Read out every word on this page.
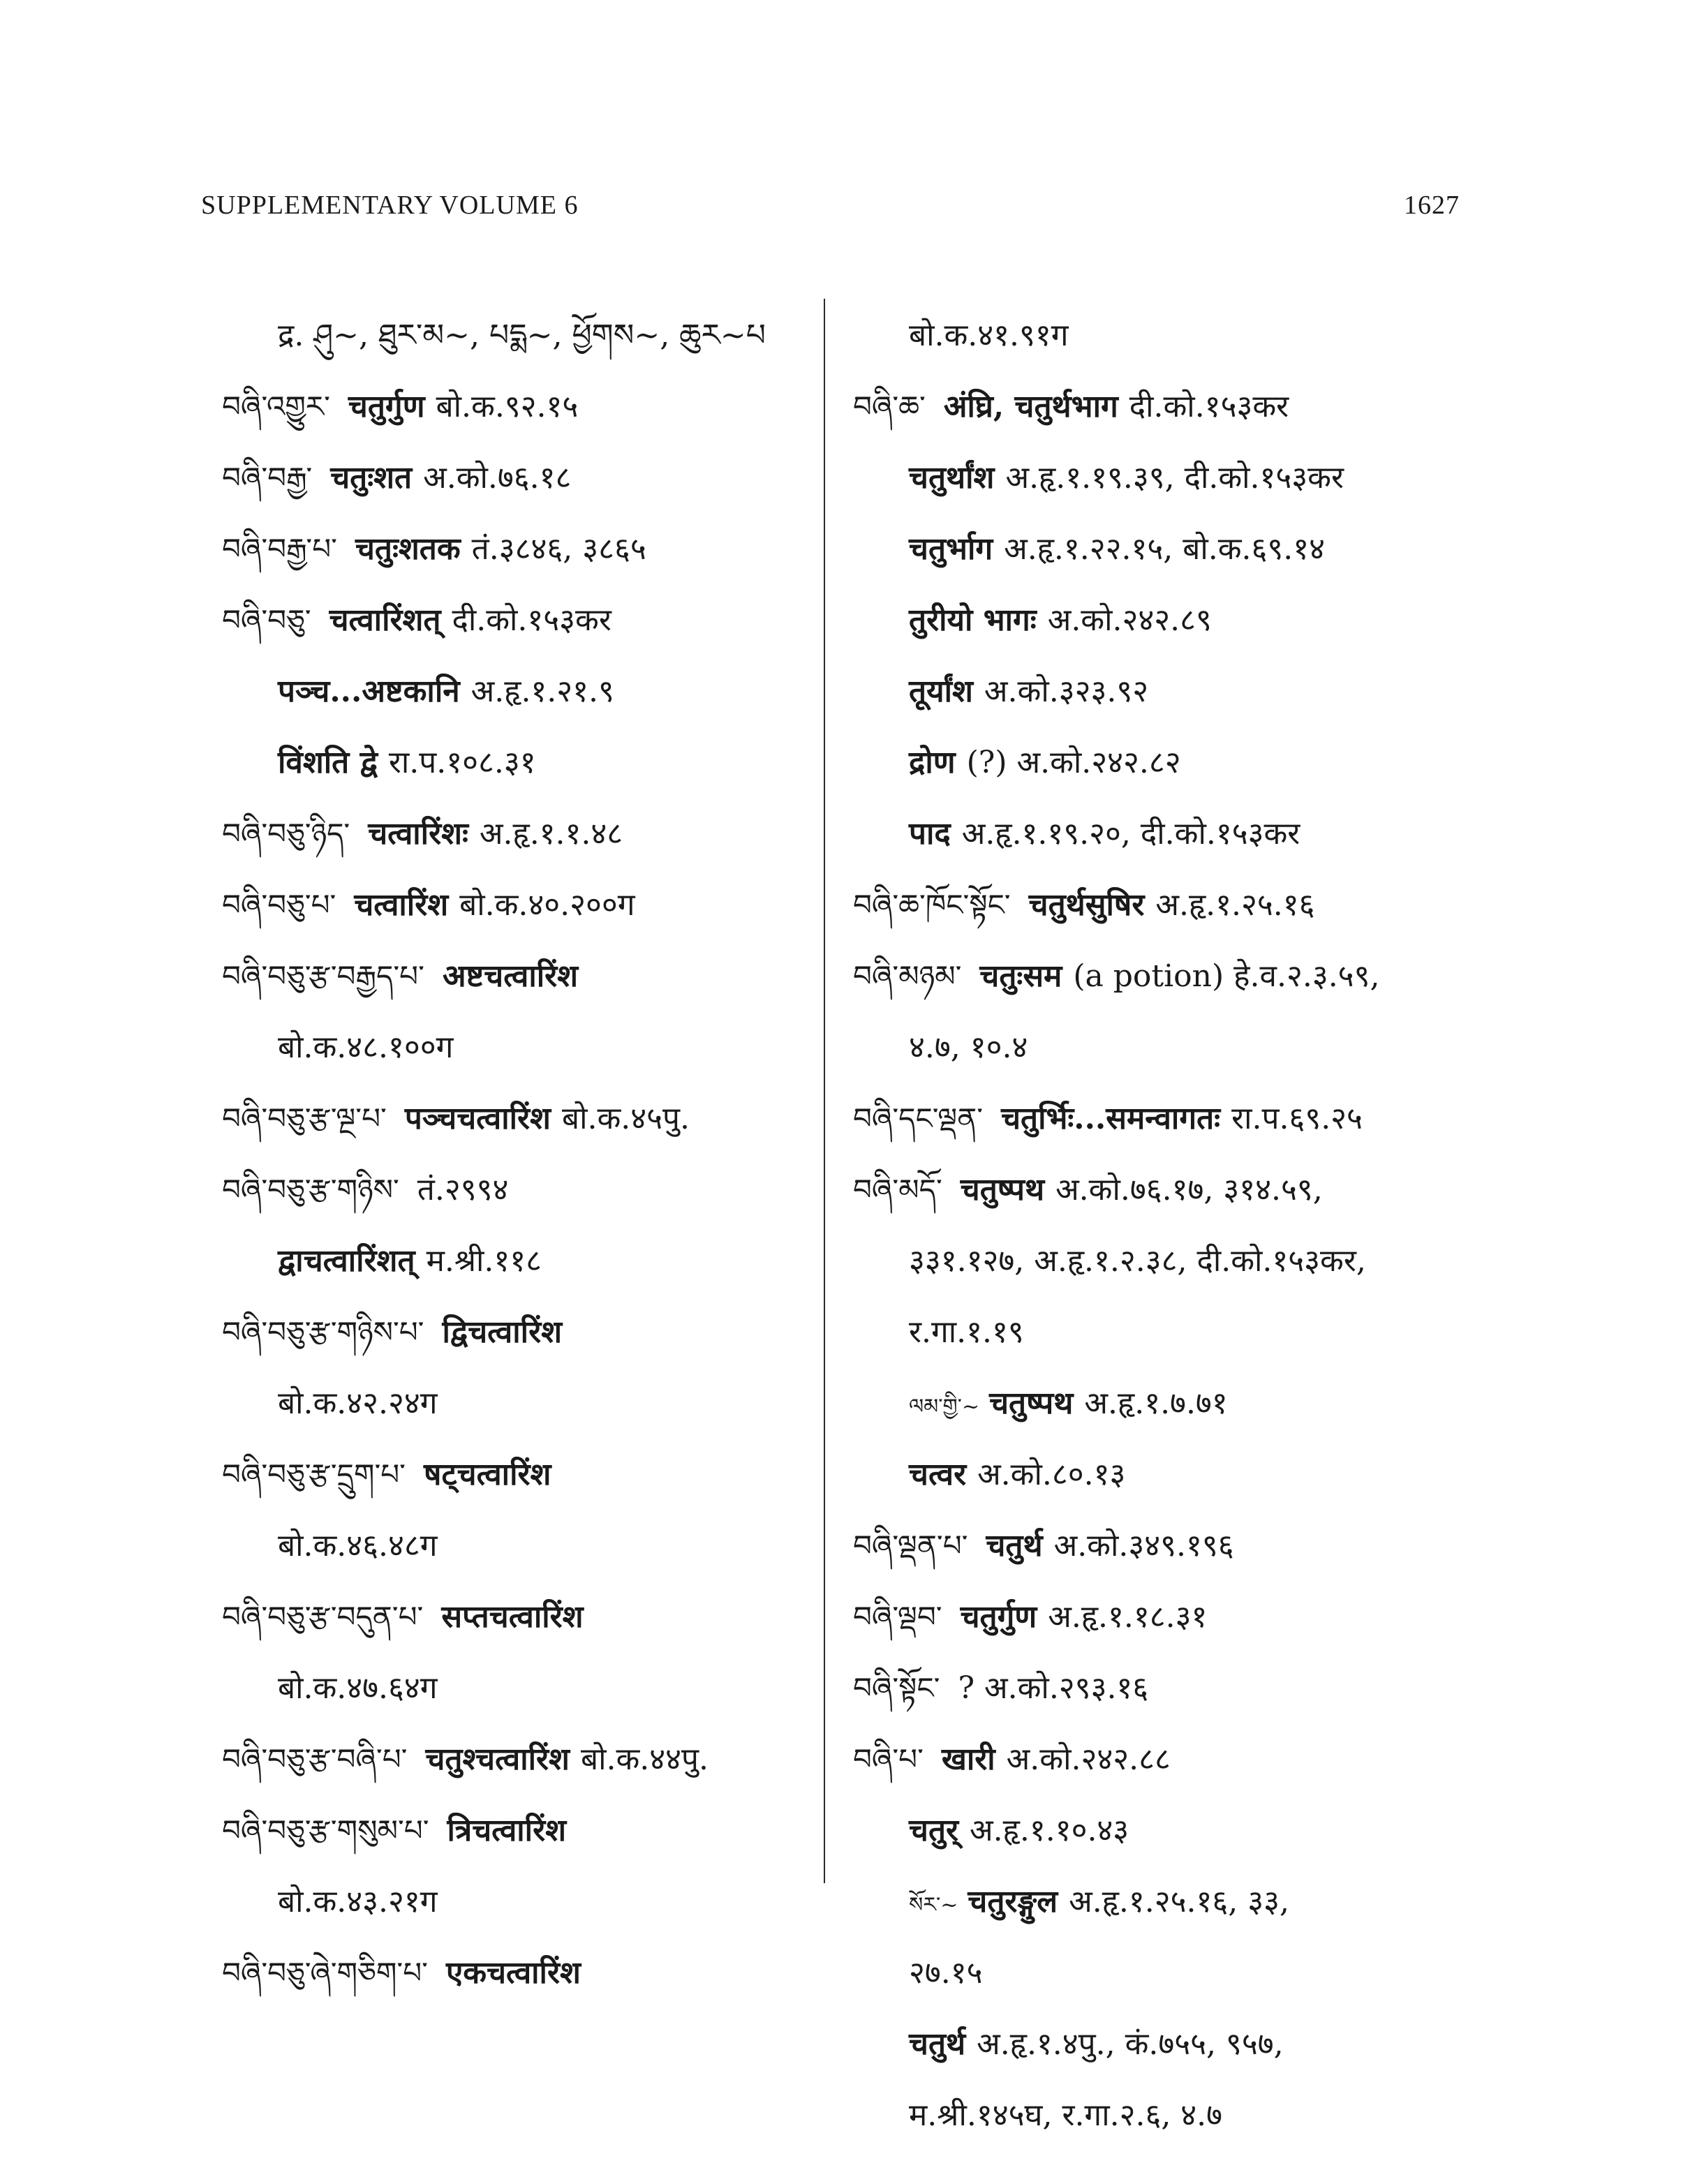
SUPPLEMENTARY VOLUME 6	1627
द्र. ཤུ~, ཐུར་མ~, པདྨ~, ཕྱོགས~, ཆུར~པ
བཞི་འགྱུར་ चतुर्गुण बो.क.९२.१५
བཞི་བརྒྱ་ चतुःशत अ.को.७६.१८
བཞི་བརྒྱ་པ་ चतुःशतक तं.३८४६, ३८६५
བཞི་བཅུ་ चत्वारिंशत् दी.को.१५३कर
पञ्च...अष्टकानि अ.हृ.१.२१.९
विंशति द्वे रा.प.१०८.३१
བཞི་བཅུ་ཉིད་ चत्वारिंशः अ.हृ.१.१.४८
བཞི་བཅུ་པ་ चत्वारिंश बो.क.४०.२००ग
བཞི་བཅུ་རྩ་བརྒྱད་པ་ अष्टचत्वारिंश
बो.क.४८.१००ग
བཞི་བཅུ་རྩ་ལྔ་པ་ पञ्चचत्वारिंश बो.क.४५पु.
བཞི་བཅུ་རྩ་གཉིས་ तं.२९९४
द्वाचत्वारिंशत् म.श्री.११८
བཞི་བཅུ་རྩ་གཉིས་པ་ द्विचत्वारिंश
बो.क.४२.२४ग
བཞི་བཅུ་རྩ་དྲུག་པ་ षट्चत्वारिंश
बो.क.४६.४८ग
བཞི་བཅུ་རྩ་བདུན་པ་ सप्तचत्वारिंश
बो.क.४७.६४ग
བཞི་བཅུ་རྩ་བཞི་པ་ चतुश्चत्वारिंश बो.क.४४पु.
བཞི་བཅུ་རྩ་གསུམ་པ་ त्रिचत्वारिंश
बो.क.४३.२१ग
བཞི་བཅུ་ཞེ་གཅིག་པ་ एकचत्वारिंश
बो.क.४१.९१ग
བཞི་ཆ་ अंघ्रि, चतुर्थभाग दी.को.१५३कर
चतुर्थांश अ.हृ.१.१९.३९, दी.को.१५३कर
चतुर्भाग अ.हृ.१.२२.१५, बो.क.६९.१४
तुरीयो भागः अ.को.२४२.८९
तूर्यांश अ.को.३२३.९२
द्रोण (?) अ.को.२४२.८२
पाद अ.हृ.१.१९.२०, दी.को.१५३कर
བཞི་ཆ་ཁོང་སྟོང་ चतुर्थसुषिर अ.हृ.१.२५.१६
བཞི་མཉམ་ चतुःसम (a potion) हे.व.२.३.५९,
४.७, १०.४
བཞི་དང་ལྡན་ चतुर्भिः...समन्वागतः रा.प.६९.२५
བཞི་མདོ་ चतुष्पथ अ.को.७६.१७, ३१४.५९,
३३१.१२७, अ.हृ.१.२.३८, दी.को.१५३कर,
र.गा.१.१९
ལམ་གྱི་~ चतुष्पथ अ.हृ.१.७.७१
चत्वर अ.को.८०.१३
བཞི་ལྡན་པ་ चतुर्थ अ.को.३४९.१९६
བཞི་ལྡབ་ चतुर्गुण अ.हृ.१.१८.३१
བཞི་སྟོང་ ? अ.को.२९३.१६
བཞི་པ་ खारी अ.को.२४२.८८
चतुर् अ.हृ.१.१०.४३
སོར་~ चतुरङ्गुल अ.हृ.१.२५.१६, ३३,
२७.१५
चतुर्थ अ.हृ.१.४पु., कं.७५५, ९५७,
म.श्री.१४५घ, र.गा.२.६, ४.७
